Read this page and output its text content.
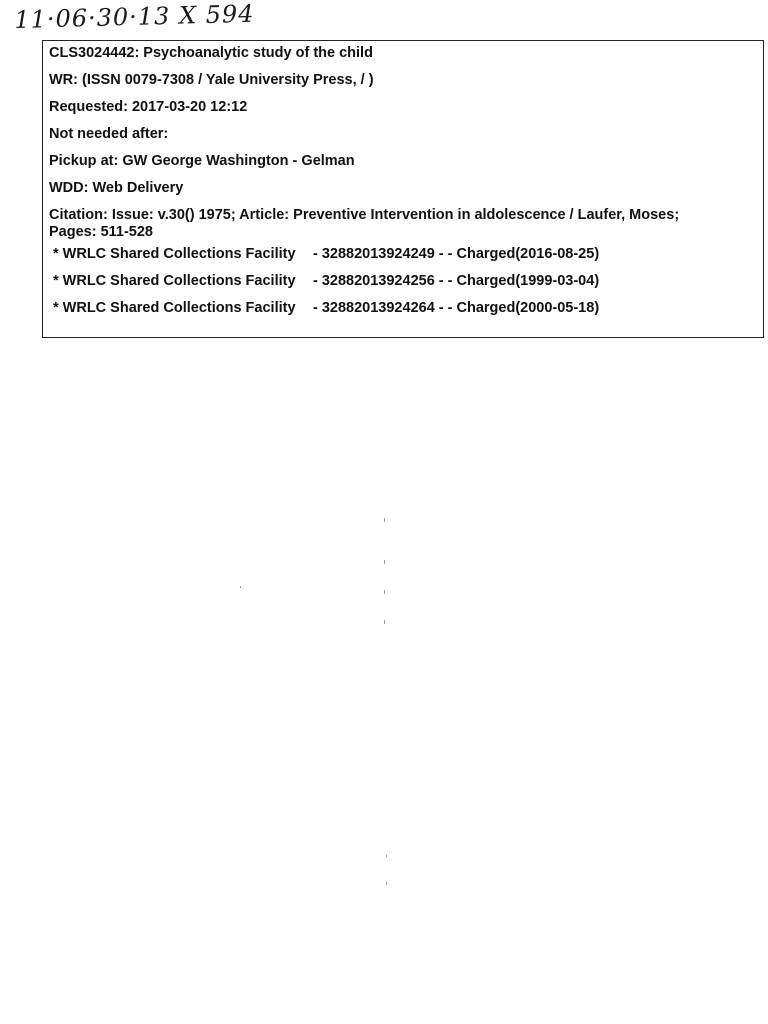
11·06·30·13 X 594
CLS3024442: Psychoanalytic study of the child
WR: (ISSN 0079-7308 / Yale University Press, / )
Requested: 2017-03-20 12:12
Not needed after:
Pickup at: GW George Washington - Gelman
WDD: Web Delivery
Citation: Issue: v.30() 1975; Article: Preventive Intervention in aldolescence / Laufer, Moses;
Pages: 511-528
* WRLC Shared Collections Facility - 32882013924249 - - Charged(2016-08-25)
* WRLC Shared Collections Facility - 32882013924256 - - Charged(1999-03-04)
* WRLC Shared Collections Facility - 32882013924264 - - Charged(2000-05-18)
